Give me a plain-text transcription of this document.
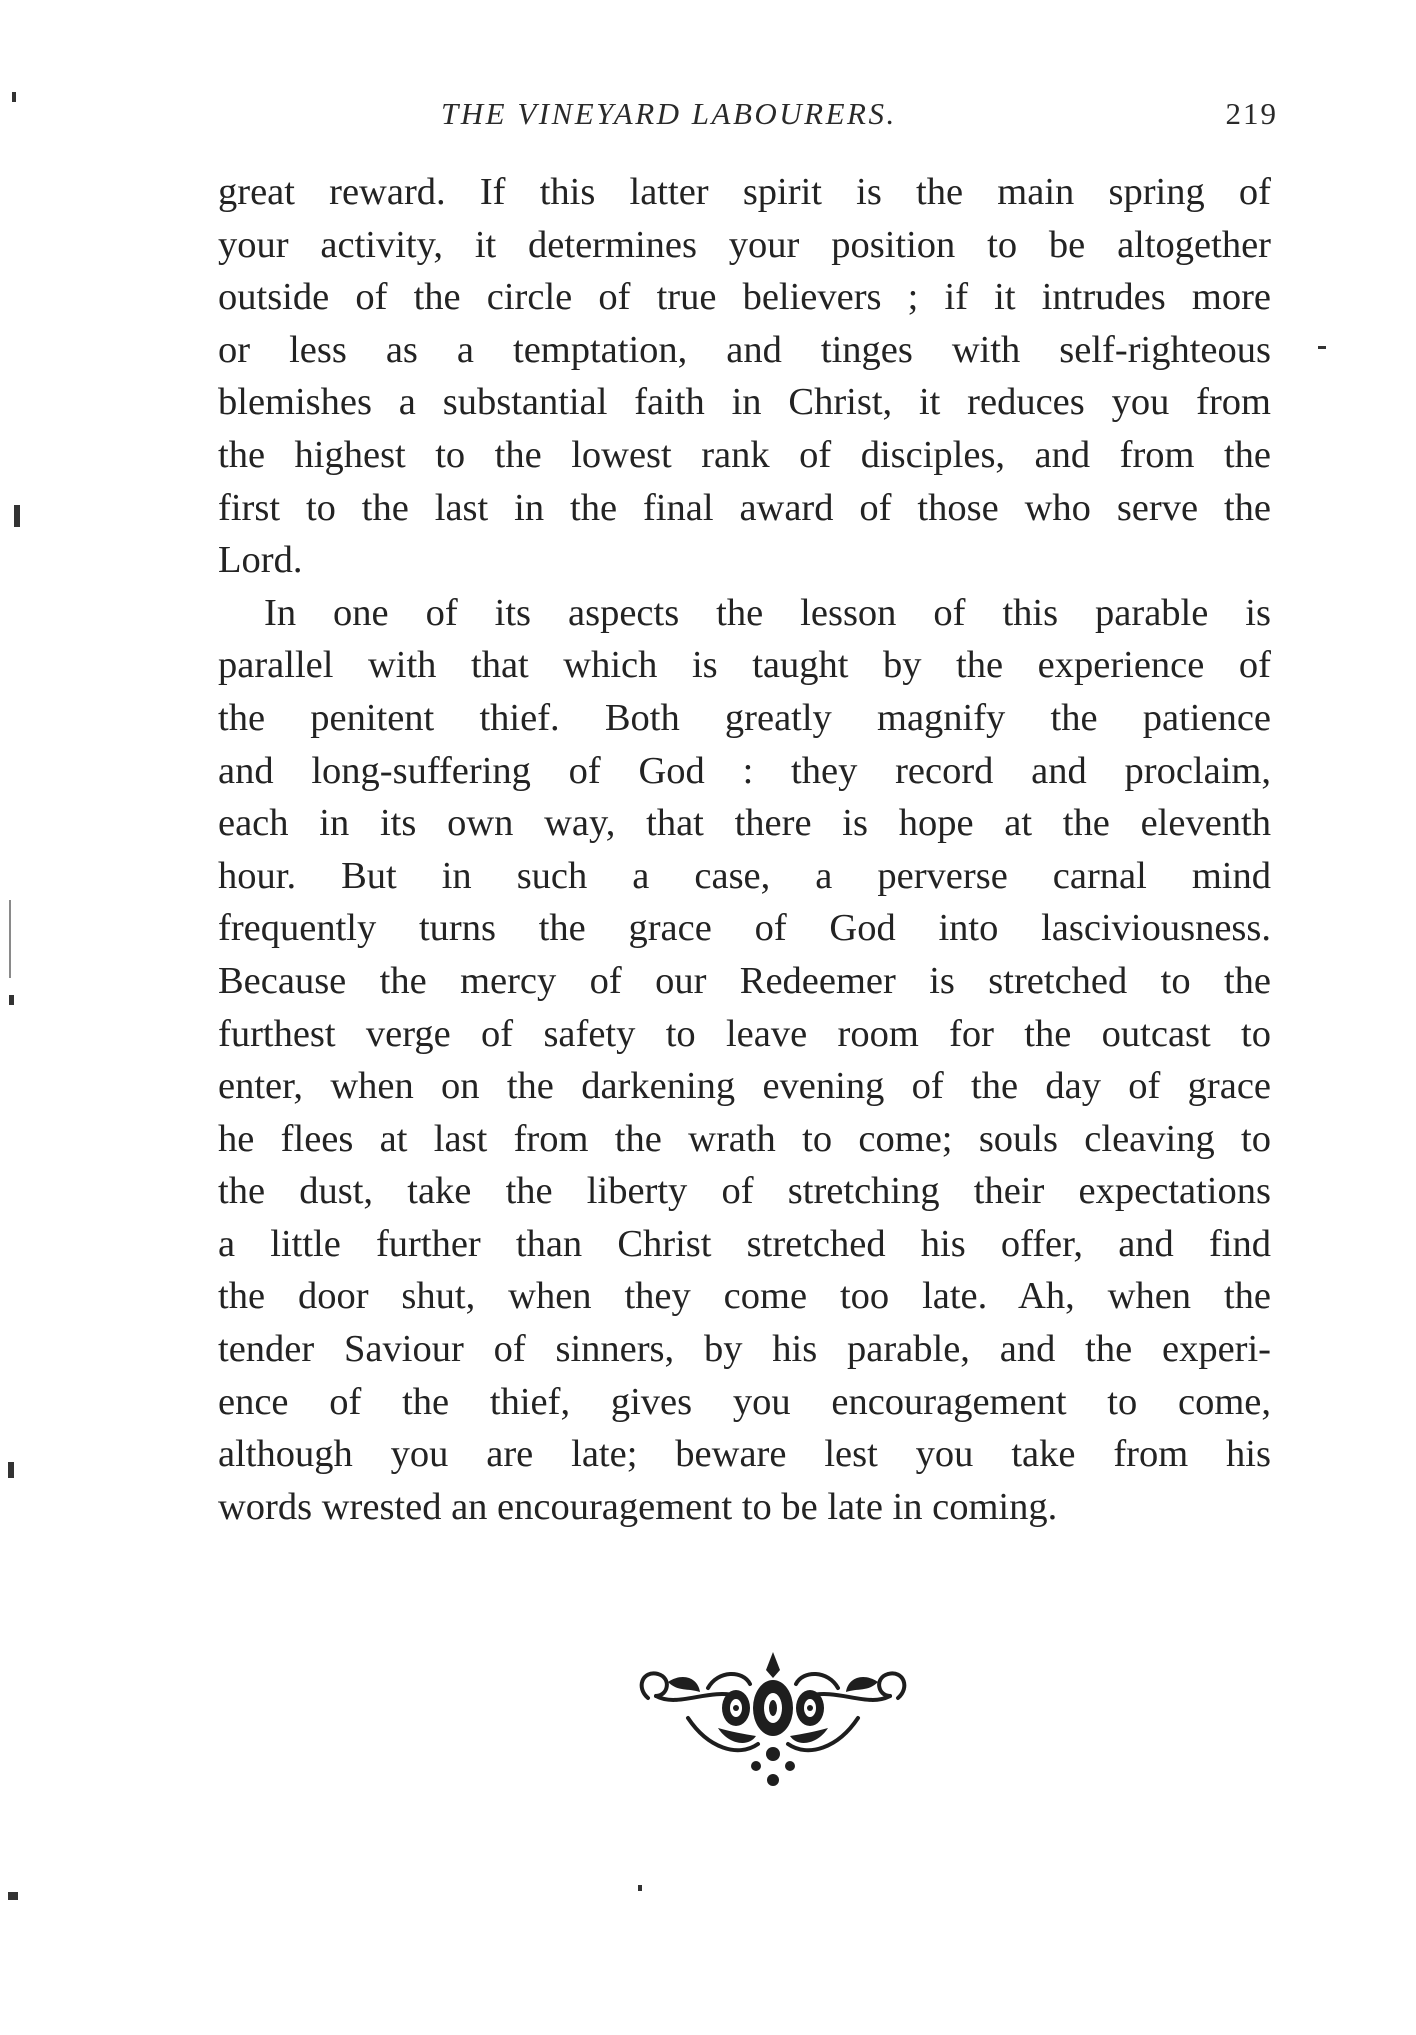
THE VINEYARD LABOURERS.	219
great reward. If this latter spirit is the main spring of
your activity, it determines your position to be altogether
outside of the circle of true believers ; if it intrudes more
or less as a temptation, and tinges with self-righteous
blemishes a substantial faith in Christ, it reduces you from
the highest to the lowest rank of disciples, and from the
first to the last in the final award of those who serve the
Lord.
In one of its aspects the lesson of this parable is
parallel with that which is taught by the experience of
the penitent thief. Both greatly magnify the patience
and long-suffering of God : they record and proclaim,
each in its own way, that there is hope at the eleventh
hour. But in such a case, a perverse carnal mind
frequently turns the grace of God into lasciviousness.
Because the mercy of our Redeemer is stretched to the
furthest verge of safety to leave room for the outcast to
enter, when on the darkening evening of the day of grace
he flees at last from the wrath to come; souls cleaving to
the dust, take the liberty of stretching their expectations
a little further than Christ stretched his offer, and find
the door shut, when they come too late. Ah, when the
tender Saviour of sinners, by his parable, and the experi-
ence of the thief, gives you encouragement to come,
although you are late; beware lest you take from his
words wrested an encouragement to be late in coming.
